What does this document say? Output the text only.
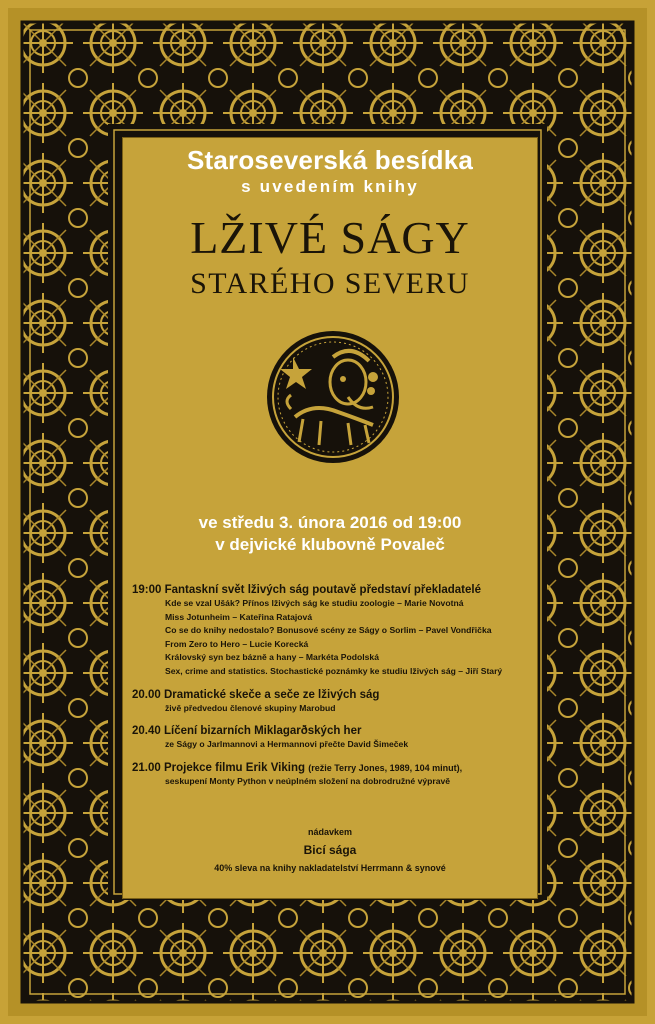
Staroseverská besídka
s uvedením knihy
LŽIVÉ SÁGY
STARÉHO SEVERU
ve středu 3. února 2016 od 19:00
v dejvické klubovně Povaleč
19:00 Fantaskní svět lživých ság poutavě představí překladatelé
Kde se vzal Ušák? Přínos lživých ság ke studiu zoologie – Marie Novotná
Miss Jotunheim – Kateřina Ratajová
Co se do knihy nedostalo? Bonusové scény ze Ságy o Sorlim – Pavel Vondřička
From Zero to Hero – Lucie Korecká
Královský syn bez bázně a hany – Markéta Podolská
Sex, crime and statistics. Stochastické poznámky ke studiu lživých ság – Jiří Starý
20.00 Dramatické skeče a seče ze lživých ság
živě předvedou členové skupiny Marobud
20.40 Líčení bizarních Miklagarðských her
ze Ságy o Jarlmannovi a Hermannovi přečte David Šimeček
21.00 Projekce filmu Erik Viking (režie Terry Jones, 1989, 104 minut),
seskupení Monty Python v neúplném složení na dobrodružné výpravě
nádavkem
Bicí sága
40% sleva na knihy nakladatelství Herrmann & synové
